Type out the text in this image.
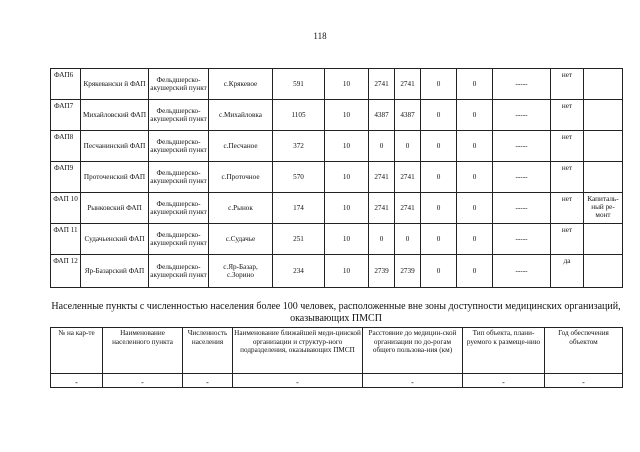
118
ФАП6	Крякевански й ФАП	Фельдшерско-акушерский пункт	с.Крякевое	591	10	2741	2741	0	0	-----	нет	
ФАП7	Михайловский ФАП	Фельдшерско-акушерский пункт	с.Михайловка	1105	10	4387	4387	0	0	-----	нет	
ФАП8	Песчанинский ФАП	Фельдшерско-акушерский пункт	с.Песчаное	372	10	0	0	0	0	-----	нет	
ФАП9	Проточенский ФАП	Фельдшерско-акушерский пункт	с.Проточное	570	10	2741	2741	0	0	-----	нет	
ФАП 10	Рынковский ФАП	Фельдшерско-акушерский пункт	с.Рынок	174	10	2741	2741	0	0	-----	нет	Капиталь-ный ре-монт
ФАП 11	Судачьенский ФАП	Фельдшерско-акушерский пункт	с.Судачье	251	10	0	0	0	0	-----	нет	
ФАП 12	Яр-Базарский ФАП	Фельдшерско-акушерский пункт	с.Яр-Базар, с.Зорино	234	10	2739	2739	0	0	-----	да	
Населенные пункты с численностью населения более 100 человек, расположенные вне зоны доступности медицинских организаций, оказывающих ПМСП
№ на кар-те	Наименование населенного пункта	Численность населения	Наименование ближайшей меди-цинской организации и структур-ного подразделения, оказывающих ПМСП	Расстояние до медицин-ской организации по до-рогам общего пользова-ния (км)	Тип объекта, плани-руемого к размеще-нию	Год обеспечения объектом
-	-	-	-	-	-	-
